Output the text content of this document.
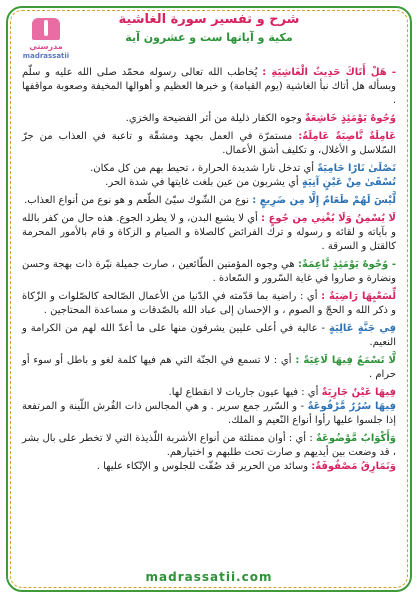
مدرستي
madrassatii
شرح و تفسير سورة الغاشية
مكية و آياتها ست و عشرون آية

- هَلْ أَتَاكَ حَدِيثُ الْغَاشِيَةِ : يُخاطب الله تعالى رسوله محمّد صلى الله عليه و سلّم وبسأله هل أتاك نبأ الغاشية (يوم القيامة) و خبرها العظيم و أهوالها المخيفة وصعوبة مواقفها .

وُجُوهٌ يَوْمَئِذٍ خَاشِعَةٌ وجوه الكفار ذليلة من أثر الفضيحة والخزي.

عَامِلَةٌ نَّاصِبَةٌ عَامِلَةٌ: مستمرّة في العمل بجهد ومشقّة و تاعبة في العذاب من جرّ السّلاسل و الأغلال، و تكليف أشق الأعمال.

تَصْلَىٰ نَارًا حَامِيَةً أي تدخل نارا شديدة الحرارة ، تحيط بهم من كل مكان.

تُسْقَىٰ مِنْ عَيْنٍ آنِيَةٍ أي يشربون من عين بلغت غايتها في شدة الحر.

لَّيْسَ لَهُمْ طَعَامٌ إِلَّا مِن ضَرِيعٍ : نوع من الشّوك سيّئ الطّعم و هو نوع من أنواع العذاب.

لَا يُسْمِنُ وَلَا يُغْنِي مِن جُوعٍ : أي لا يشبع البدن، و لا يطرد الجوع. هذه حال من كفر بالله و بآياته و لقائه و رسوله و ترك الفرائض كالصلاة و الصيام و الزكاة و قام بالأمور المحرمة كالقتل و السرقة .

- وُجُوهٌ يَوْمَئِذٍ نَّاعِمَةٌ: هي وجوه المؤمنين الطّائعين ، صارت جميلة نيّرة ذات بهجة وحسن ونضارة و صاروا في غاية السّرور و السّعادة .

لِّسَعْيِهَا رَاضِيَةٌ : أي : راضية بما قدّمته في الدّنيا من الأعمال الصّالحة كالصّلوات و الزّكاة و ذكر الله و الحجّ و الصوم ، و الإحسان إلى عباد الله بالصّدقات و مساعدة المحتاجين .

فِي جَنَّةٍ عَالِيَةٍ - عالية في أعلى عليين يشرفون منها على ما أعدّ الله لهم من الكرامة و النعيم.

لَّا تَسْمَعُ فِيهَا لَاغِيَةً : أي : لا تسمع في الجنّة التي هم فيها كلمة لغو و باطل أو سوء أو حرام .

فِيهَا عَيْنٌ جَارِيَةٌ أي : فيها عيون جاريات لا انقطاع لها.

فِيهَا سُرُرٌ مَّرْفُوعَةٌ - و السّرر جمع سرير . و هي المجالس ذات الفُرش اللّينة و المرتفعة إذا جلسوا عليها رأوا أنواع النّعيم و الملك.

وَأَكْوَابٌ مَّوْضُوعَةٌ : أي : أوان ممتلئة من أنواع الأشربة اللّذيذة التي لا تخطر على بال بشر ، قد وضعت بين أيديهم و صارت تحت طلبهم و اختيارهم.

وَنَمَارِقُ مَصْفُوفَةٌ: وسائد من الحرير قد صُفّت للجلوس و الإتّكاء عليها .

madrassatii.com
